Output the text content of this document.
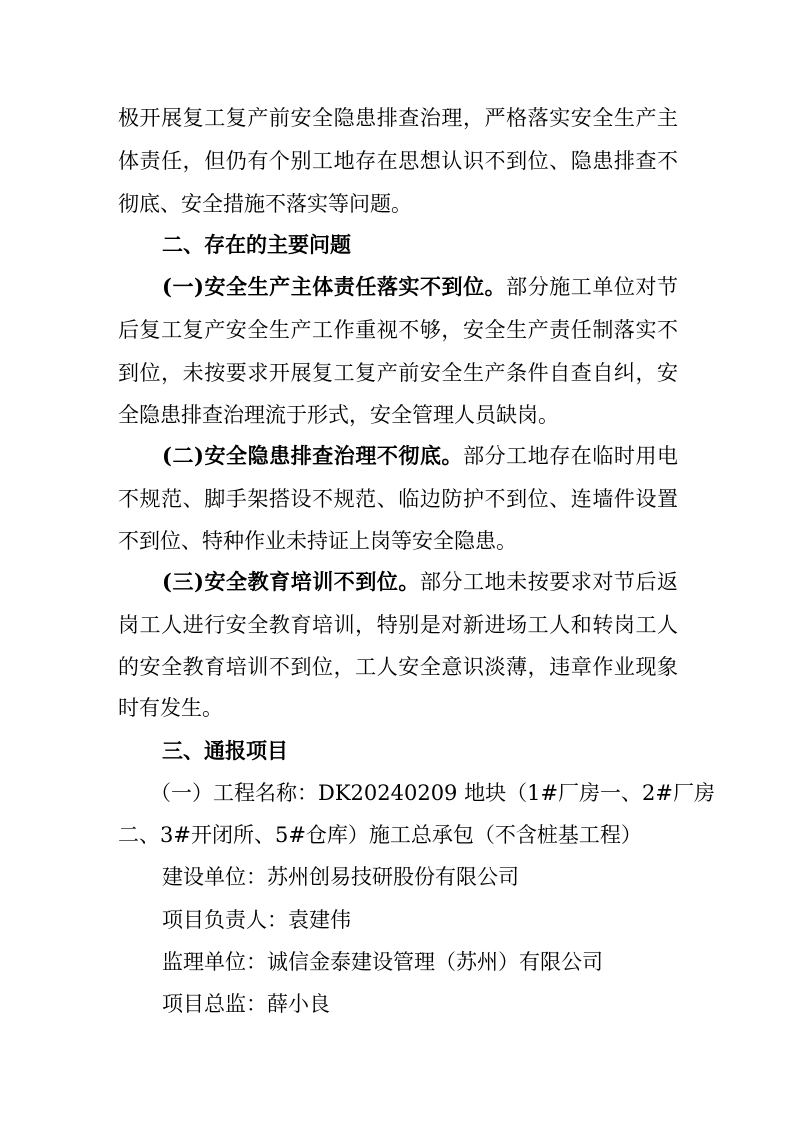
极开展复工复产前安全隐患排查治理，严格落实安全生产主
体责任，但仍有个别工地存在思想认识不到位、隐患排查不
彻底、安全措施不落实等问题。
二、存在的主要问题
(一)安全生产主体责任落实不到位。部分施工单位对节
后复工复产安全生产工作重视不够，安全生产责任制落实不
到位，未按要求开展复工复产前安全生产条件自查自纠，安
全隐患排查治理流于形式，安全管理人员缺岗。
(二)安全隐患排查治理不彻底。部分工地存在临时用电
不规范、脚手架搭设不规范、临边防护不到位、连墙件设置
不到位、特种作业未持证上岗等安全隐患。
(三)安全教育培训不到位。部分工地未按要求对节后返
岗工人进行安全教育培训，特别是对新进场工人和转岗工人
的安全教育培训不到位，工人安全意识淡薄，违章作业现象
时有发生。
三、通报项目
（一）工程名称：DK20240209 地块（1#厂房一、2#厂房
二、3#开闭所、5#仓库）施工总承包（不含桩基工程）
建设单位：苏州创易技研股份有限公司
项目负责人：袁建伟
监理单位：诚信金泰建设管理（苏州）有限公司
项目总监：薛小良
